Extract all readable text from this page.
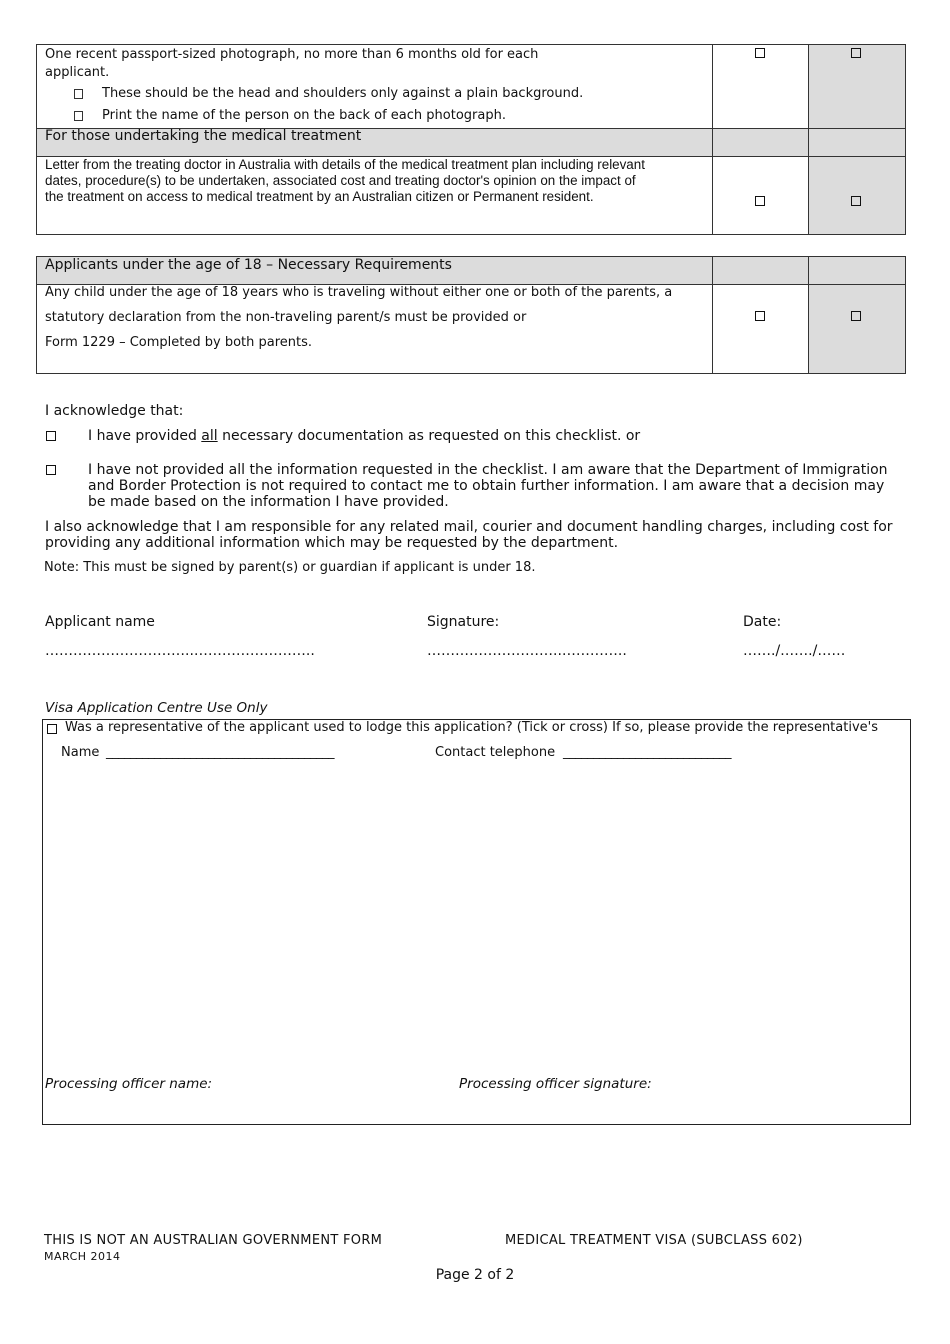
One recent passport-sized photograph, no more than 6 months old for each
applicant.
These should be the head and shoulders only against a plain background.
Print the name of the person on the back of each photograph.
For those undertaking the medical treatment
Letter from the treating doctor in Australia with details of the medical treatment plan including relevant
dates, procedure(s) to be undertaken, associated cost and treating doctor's opinion on the impact of
the treatment on access to medical treatment by an Australian citizen or Permanent resident.
Applicants under the age of 18 – Necessary Requirements
Any child under the age of 18 years who is traveling without either one or both of the parents, a
statutory declaration from the non-traveling parent/s must be provided or
Form 1229 – Completed by both parents.
I acknowledge that:
I have provided all necessary documentation as requested on this checklist. or
I have not provided all the information requested in the checklist. I am aware that the Department of Immigration
and Border Protection is not required to contact me to obtain further information. I am aware that a decision may
be made based on the information I have provided.
I also acknowledge that I am responsible for any related mail, courier and document handling charges, including cost for
providing any additional information which may be requested by the department.
Note: This must be signed by parent(s) or guardian if applicant is under 18.
Applicant name
…………………………..……………………..
Signature:
………………………..…………..
Date:
……./……./……
Visa Application Centre Use Only
Was a representative of the applicant used to lodge this application? (Tick or cross) If so, please provide the representative's
Name ______________________________________	Contact telephone ____________________________
Processing officer name:	Processing officer signature:
THIS IS NOT AN AUSTRALIAN GOVERNMENT FORM
MARCH 2014
MEDICAL TREATMENT VISA (SUBCLASS 602)
Page 2 of 2
